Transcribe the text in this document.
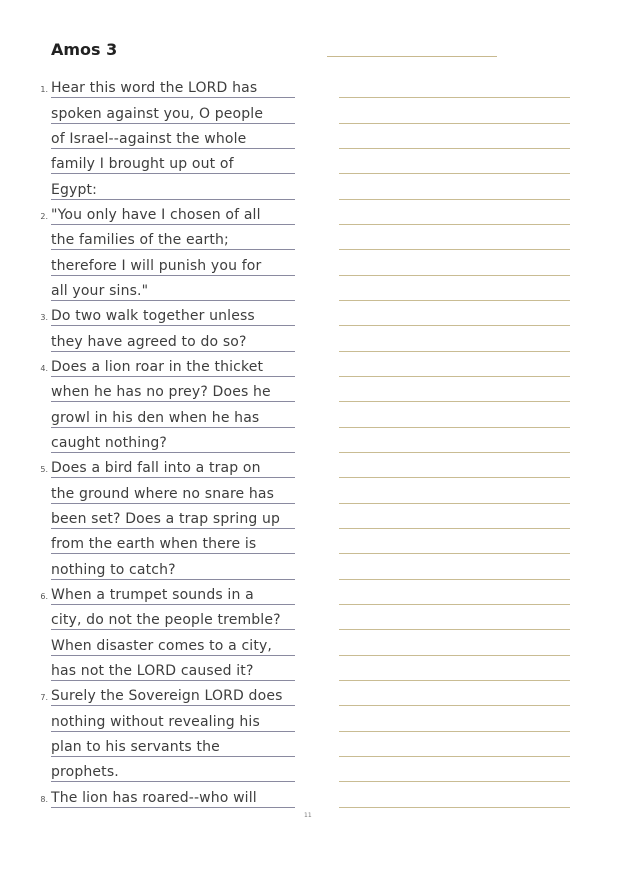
Amos 3
1. Hear this word the LORD has
spoken against you, O people
of Israel--against the whole
family I brought up out of
Egypt:
2. "You only have I chosen of all
the families of the earth;
therefore I will punish you for
all your sins."
3. Do two walk together unless
they have agreed to do so?
4. Does a lion roar in the thicket
when he has no prey? Does he
growl in his den when he has
caught nothing?
5. Does a bird fall into a trap on
the ground where no snare has
been set? Does a trap spring up
from the earth when there is
nothing to catch?
6. When a trumpet sounds in a
city, do not the people tremble?
When disaster comes to a city,
has not the LORD caused it?
7. Surely the Sovereign LORD does
nothing without revealing his
plan to his servants the
prophets.
8. The lion has roared--who will
11
